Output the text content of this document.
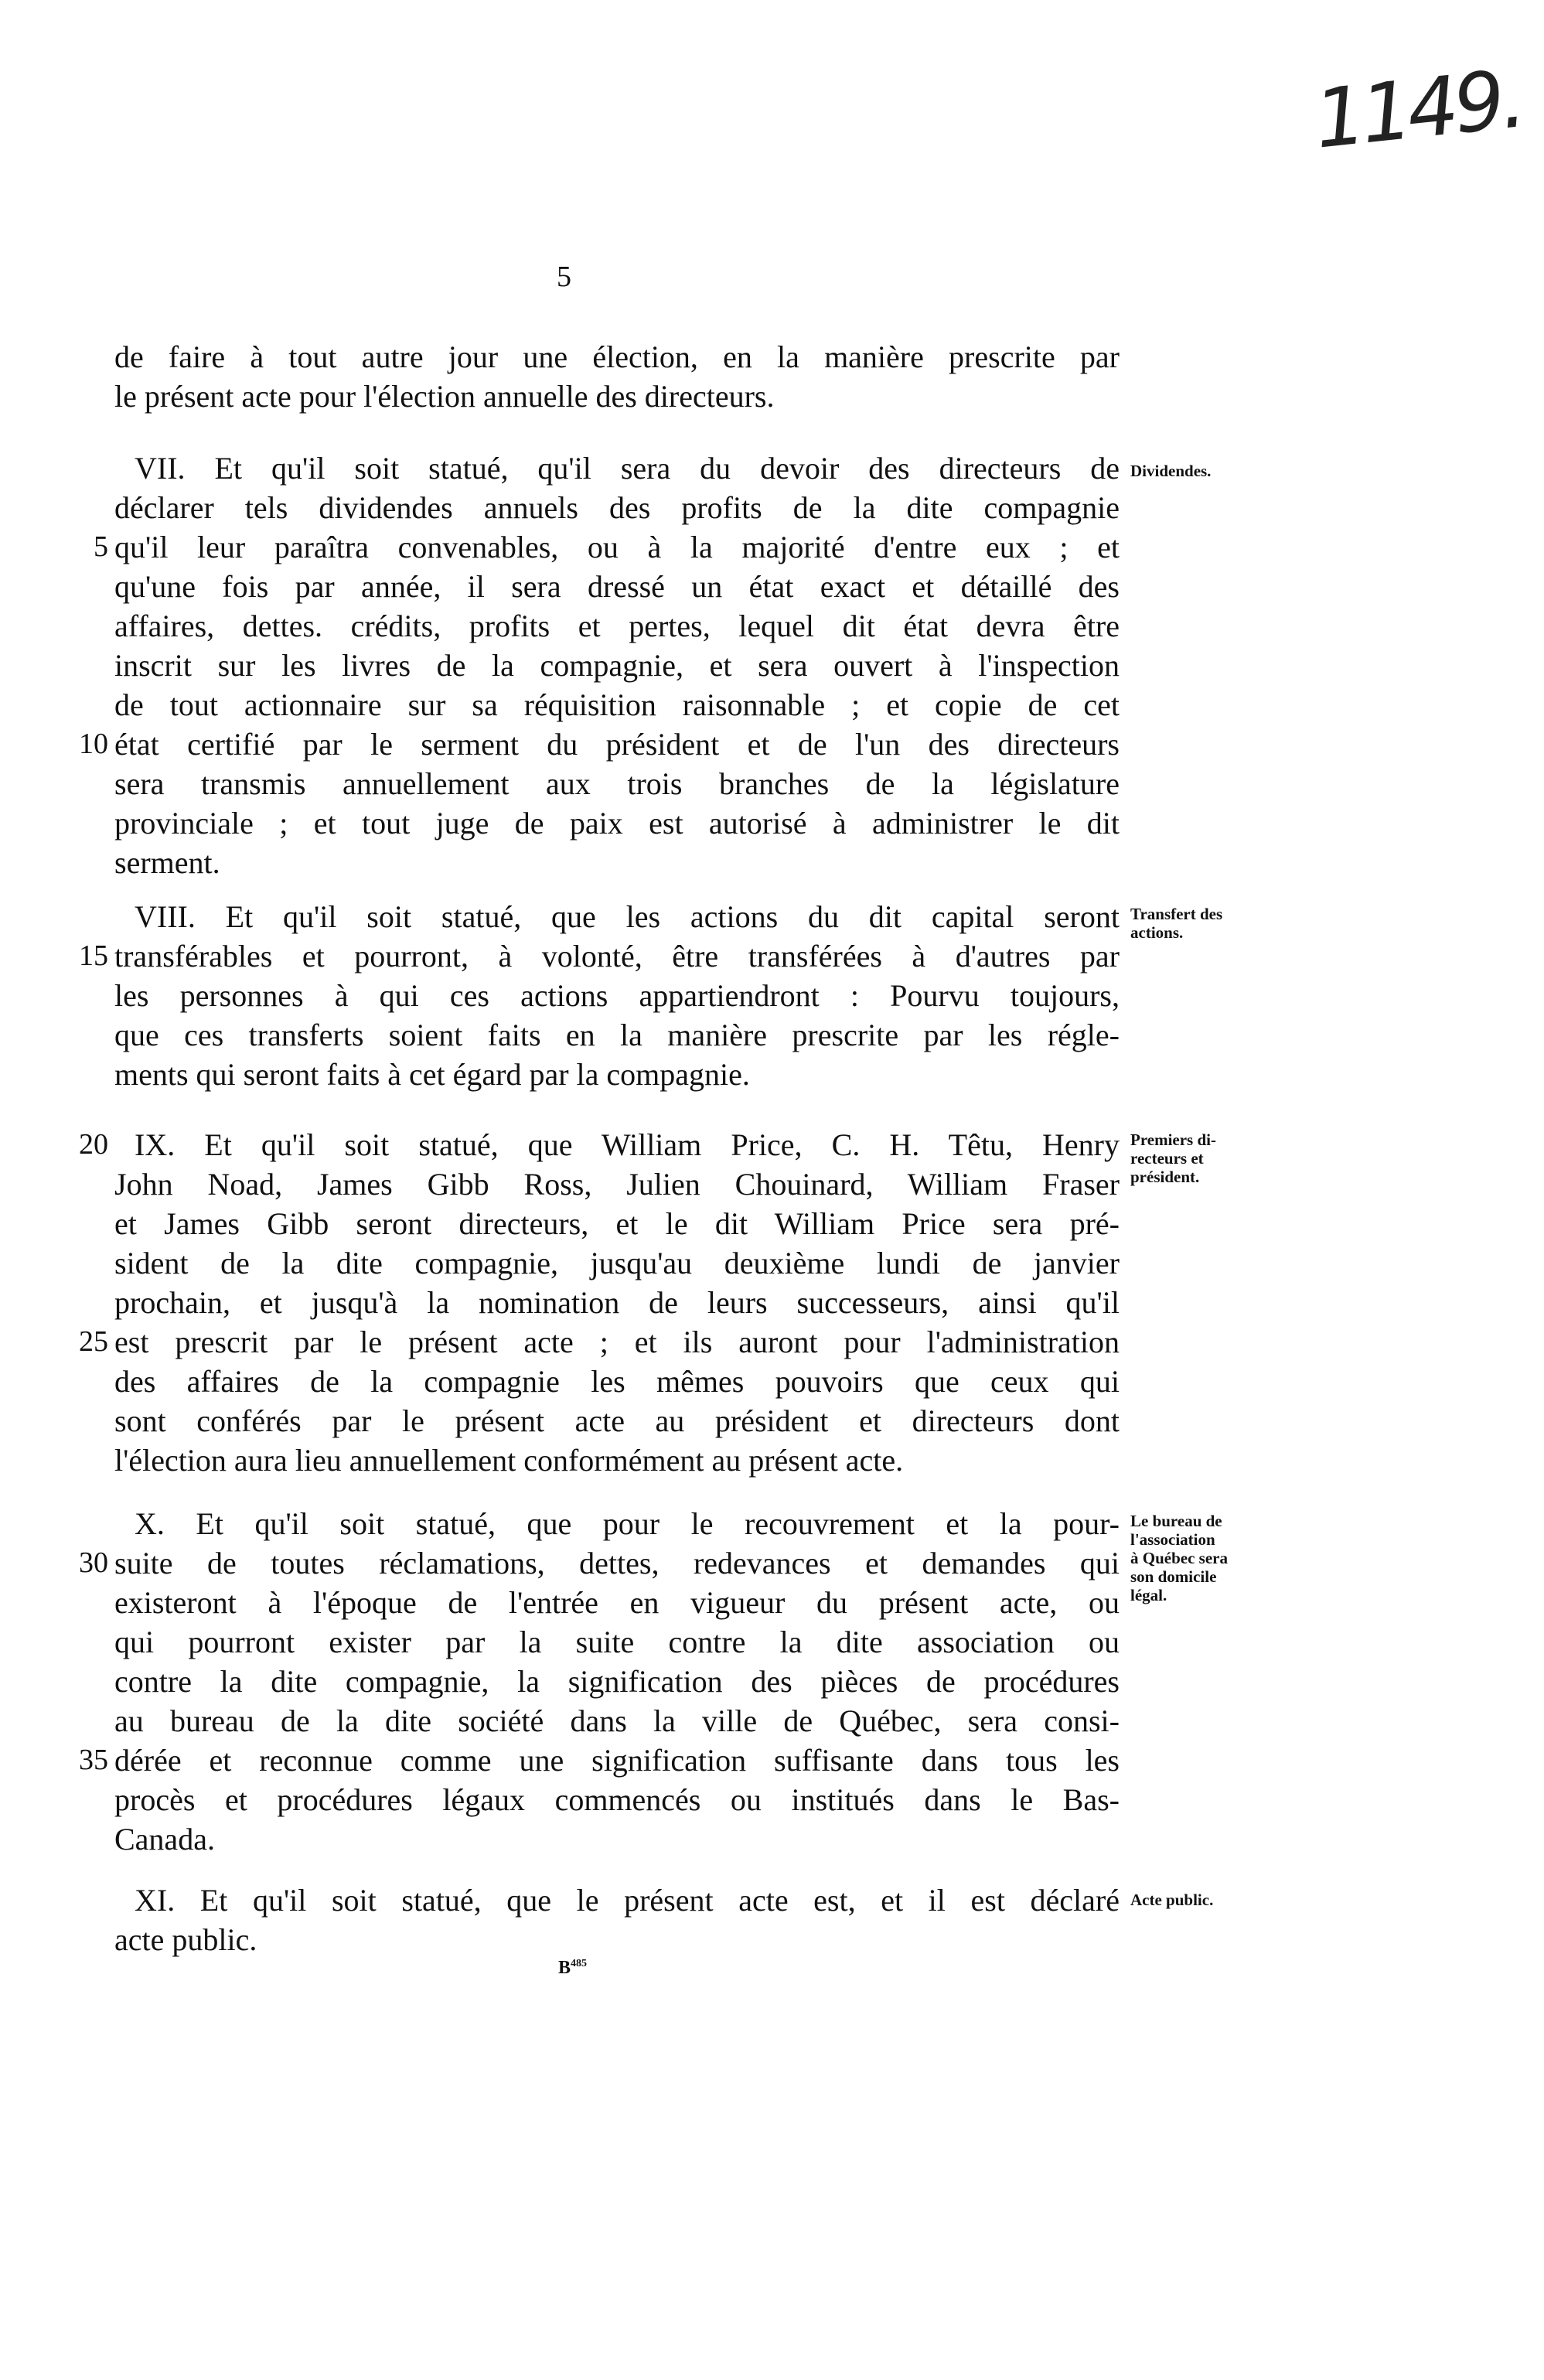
1149.
5
de faire à tout autre jour une élection, en la manière prescrite par
le présent acte pour l'élection annuelle des directeurs.
5
10
VII. Et qu'il soit statué, qu'il sera du devoir des directeurs de
déclarer tels dividendes annuels des profits de la dite compagnie
qu'il leur paraîtra convenables, ou à la majorité d'entre eux ; et
qu'une fois par année, il sera dressé un état exact et détaillé des
affaires, dettes. crédits, profits et pertes, lequel dit état devra être
inscrit sur les livres de la compagnie, et sera ouvert à l'inspection
de tout actionnaire sur sa réquisition raisonnable ; et copie de cet
état certifié par le serment du président et de l'un des directeurs
sera transmis annuellement aux trois branches de la législature
provinciale ; et tout juge de paix est autorisé à administrer le dit
serment.
Dividendes.
15
VIII. Et qu'il soit statué, que les actions du dit capital seront
transférables et pourront, à volonté, être transférées à d'autres par
les personnes à qui ces actions appartiendront : Pourvu toujours,
que ces transferts soient faits en la manière prescrite par les régle-
ments qui seront faits à cet égard par la compagnie.
Transfert des
actions.
20
25
IX. Et qu'il soit statué, que William Price, C. H. Têtu, Henry
John Noad, James Gibb Ross, Julien Chouinard, William Fraser
et James Gibb seront directeurs, et le dit William Price sera pré-
sident de la dite compagnie, jusqu'au deuxième lundi de janvier
prochain, et jusqu'à la nomination de leurs successeurs, ainsi qu'il
est prescrit par le présent acte ; et ils auront pour l'administration
des affaires de la compagnie les mêmes pouvoirs que ceux qui
sont conférés par le présent acte au président et directeurs dont
l'élection aura lieu annuellement conformément au présent acte.
Premiers di-
recteurs et
président.
30
35
X. Et qu'il soit statué, que pour le recouvrement et la pour-
suite de toutes réclamations, dettes, redevances et demandes qui
existeront à l'époque de l'entrée en vigueur du présent acte, ou
qui pourront exister par la suite contre la dite association ou
contre la dite compagnie, la signification des pièces de procédures
au bureau de la dite société dans la ville de Québec, sera consi-
dérée et reconnue comme une signification suffisante dans tous les
procès et procédures légaux commencés ou institués dans le Bas-
Canada.
Le bureau de
l'association
à Québec sera
son domicile
légal.
XI. Et qu'il soit statué, que le présent acte est, et il est déclaré
acte public.
Acte public.
$B^{485}$
